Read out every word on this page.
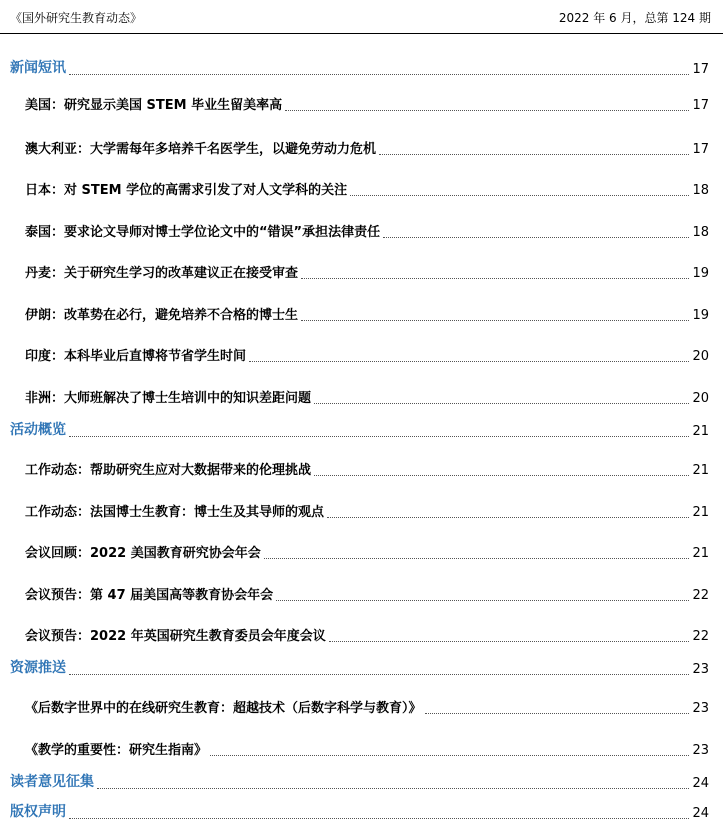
《国外研究生教育动态》	2022 年 6 月，总第 124 期
新闻短讯	17
美国：研究显示美国 STEM 毕业生留美率高	17
澳大利亚：大学需每年多培养千名医学生，以避免劳动力危机	17
日本：对 STEM 学位的高需求引发了对人文学科的关注	18
泰国：要求论文导师对博士学位论文中的“错误”承担法律责任	18
丹麦：关于研究生学习的改革建议正在接受审查	19
伊朗：改革势在必行，避免培养不合格的博士生	19
印度：本科毕业后直博将节省学生时间	20
非洲：大师班解决了博士生培训中的知识差距问题	20
活动概览	21
工作动态：帮助研究生应对大数据带来的伦理挑战	21
工作动态：法国博士生教育：博士生及其导师的观点	21
会议回顾：2022 美国教育研究协会年会	21
会议预告：第 47 届美国高等教育协会年会	22
会议预告：2022 年英国研究生教育委员会年度会议	22
资源推送	23
《后数字世界中的在线研究生教育：超越技术（后数字科学与教育）》	23
《教学的重要性：研究生指南》	23
读者意见征集	24
版权声明	24
